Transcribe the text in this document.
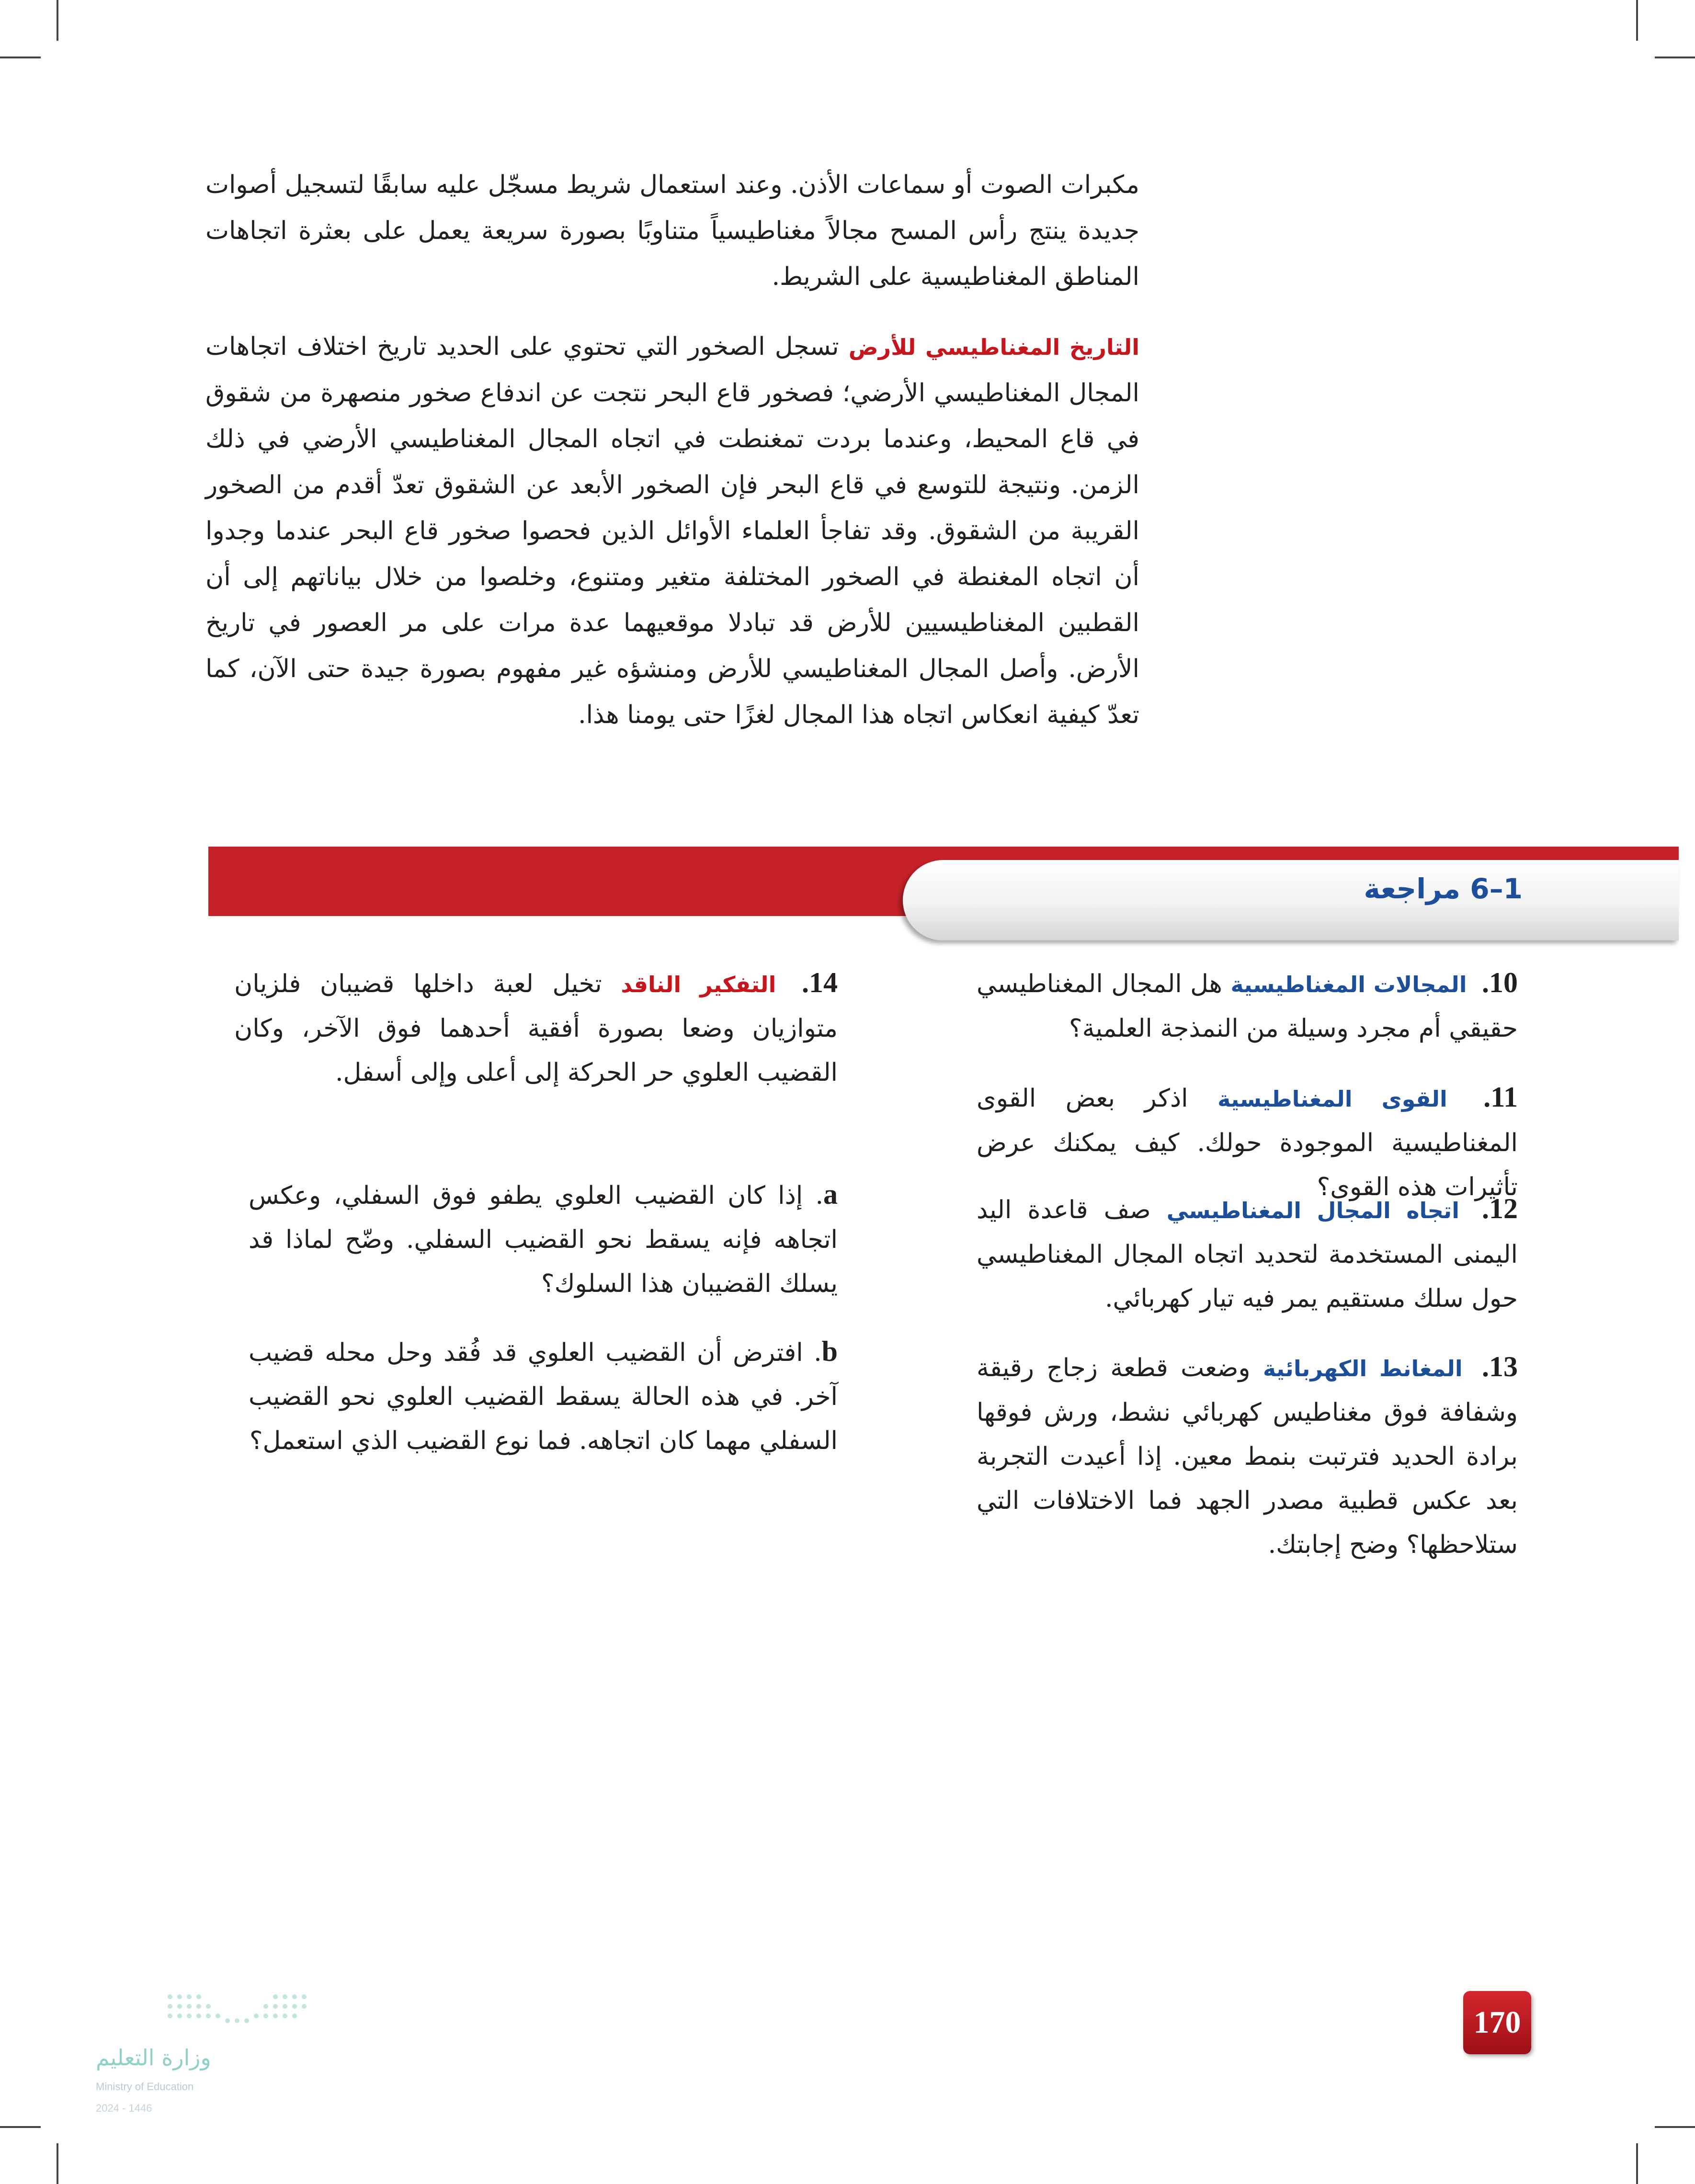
مكبرات الصوت أو سماعات الأذن. وعند استعمال شريط مسجّل عليه سابقًا لتسجيل أصوات جديدة ينتج رأس المسح مجالاً مغناطيسياً متناوبًا بصورة سريعة يعمل على بعثرة اتجاهات المناطق المغناطيسية على الشريط.

التاريخ المغناطيسي للأرض تسجل الصخور التي تحتوي على الحديد تاريخ اختلاف اتجاهات المجال المغناطيسي الأرضي؛ فصخور قاع البحر نتجت عن اندفاع صخور منصهرة من شقوق في قاع المحيط، وعندما بردت تمغنطت في اتجاه المجال المغناطيسي الأرضي في ذلك الزمن. ونتيجة للتوسع في قاع البحر فإن الصخور الأبعد عن الشقوق تعدّ أقدم من الصخور القريبة من الشقوق. وقد تفاجأ العلماء الأوائل الذين فحصوا صخور قاع البحر عندما وجدوا أن اتجاه المغنطة في الصخور المختلفة متغير ومتنوع، وخلصوا من خلال بياناتهم إلى أن القطبين المغناطيسيين للأرض قد تبادلا موقعيهما عدة مرات على مر العصور في تاريخ الأرض. وأصل المجال المغناطيسي للأرض ومنشؤه غير مفهوم بصورة جيدة حتى الآن، كما تعدّ كيفية انعكاس اتجاه هذا المجال لغزًا حتى يومنا هذا.

1–6 مراجعة

10. المجالات المغناطيسية هل المجال المغناطيسي حقيقي أم مجرد وسيلة من النمذجة العلمية؟

11. القوى المغناطيسية اذكر بعض القوى المغناطيسية الموجودة حولك. كيف يمكنك عرض تأثيرات هذه القوى؟

12. اتجاه المجال المغناطيسي صف قاعدة اليد اليمنى المستخدمة لتحديد اتجاه المجال المغناطيسي حول سلك مستقيم يمر فيه تيار كهربائي.

13. المغانط الكهربائية وضعت قطعة زجاج رقيقة وشفافة فوق مغناطيس كهربائي نشط، ورش فوقها برادة الحديد فترتبت بنمط معين. إذا أعيدت التجربة بعد عكس قطبية مصدر الجهد فما الاختلافات التي ستلاحظها؟ وضح إجابتك.

14. التفكير الناقد تخيل لعبة داخلها قضيبان فلزيان متوازيان وضعا بصورة أفقية أحدهما فوق الآخر، وكان القضيب العلوي حر الحركة إلى أعلى وإلى أسفل.

a. إذا كان القضيب العلوي يطفو فوق السفلي، وعكس اتجاهه فإنه يسقط نحو القضيب السفلي. وضّح لماذا قد يسلك القضيبان هذا السلوك؟

b. افترض أن القضيب العلوي قد فُقد وحل محله قضيب آخر. في هذه الحالة يسقط القضيب العلوي نحو القضيب السفلي مهما كان اتجاهه. فما نوع القضيب الذي استعمل؟

170
وزارة التعليم
Ministry of Education
2024 - 1446
